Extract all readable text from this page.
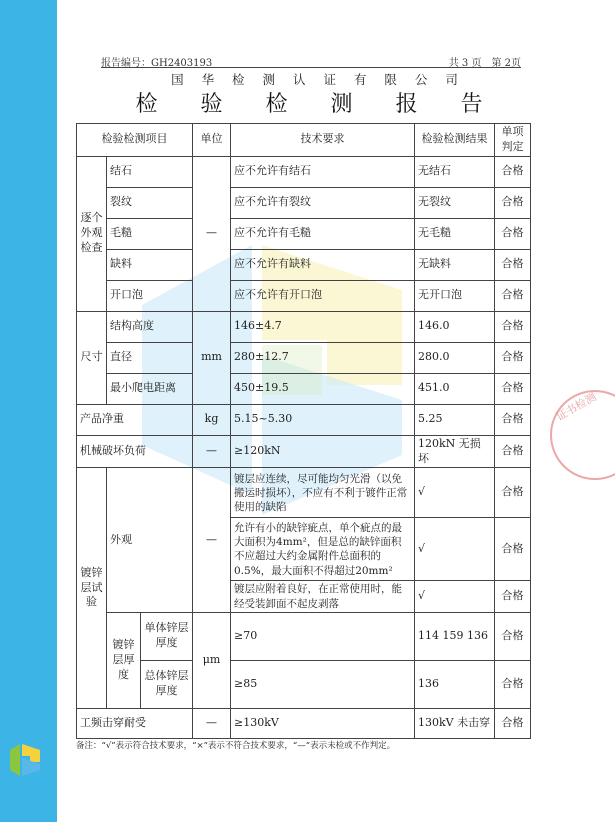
报告编号：GH2403193	共 3 页　第 2页
国 华 检 测 认 证 有 限 公 司
检 验 检 测 报 告
检验检测项目			单位	技术要求	检验检测结果	单项判定
逐个外观检查	结石		—	应不允许有结石	无结石	合格
	裂纹			应不允许有裂纹	无裂纹	合格
	毛糙			应不允许有毛糙	无毛糙	合格
	缺料			应不允许有缺料	无缺料	合格
	开口泡			应不允许有开口泡	无开口泡	合格
尺寸	结构高度		mm	146±4.7	146.0	合格
	直径			280±12.7	280.0	合格
	最小爬电距离			450±19.5	451.0	合格
产品净重			kg	5.15~5.30	5.25	合格
机械破坏负荷			—	≥120kN	120kN 无损坏	合格
镀锌层试验	外观		—	镀层应连续，尽可能均匀光滑（以免搬运时损坏），不应有不利于镀件正常使用的缺陷	√	合格
				允许有小的缺锌疵点，单个疵点的最大面积为4mm²，但是总的缺锌面积不应超过大约金属附件总面积的0.5%，最大面积不得超过20mm²	√	合格
				镀层应附着良好，在正常使用时，能经受装卸面不起皮剥落	√	合格
	镀锌层厚度	单体锌层厚度	μm	≥70	114 159 136	合格
		总体锌层厚度		≥85	136	合格
工频击穿耐受			—	≥130kV	130kV 未击穿	合格
证书检测
备注：“√”表示符合技术要求，“×”表示不符合技术要求，“—”表示未检或不作判定。
